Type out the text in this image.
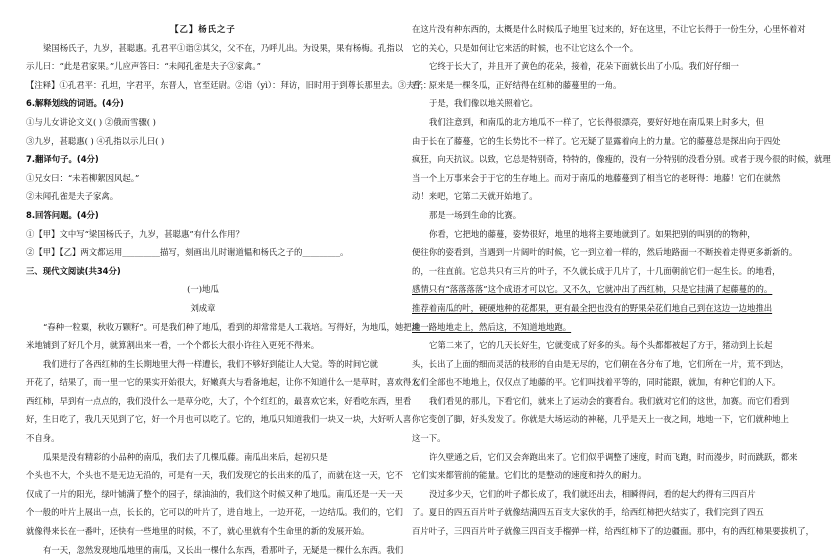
【乙】杨氏之子
梁国杨氏子，九岁，甚聪惠。孔君平①诣②其父，父不在，乃呼儿出。为设果，果有杨梅。孔指以
示儿曰：“此是君家果。”儿应声答曰：“未闻孔雀是夫子③家禽。”
【注释】①孔君平：孔坦，字君平，东晋人，官至廷尉。②诣（yì）：拜访，旧时用于到尊长那里去。③夫子：
6.解释划线的词语。(4分)
①与儿女讲论文义( ) ②俄而雪骤( )
③九岁，甚聪惠( ) ④孔指以示儿曰( )
7.翻译句子。(4分)
①兄女曰：“未若柳絮因风起。”
②未闻孔雀是夫子家禽。
8.回答问题。(4分)
①【甲】文中写“梁国杨氏子，九岁，甚聪惠”有什么作用？
②【甲】【乙】两文都运用_________描写，刻画出儿时谢道韫和杨氏之子的_________。
三、现代文阅读(共34分)
(一)地瓜
刘成章
“春种一粒粟，秋收万颗籽”。可是我们种了地瓜，看到的却常常是人工栽培。写得好，为地瓜，她把淡
米地铺到了好几个月，就算割出来一看，一个个都长大很小许往入更死不得来。
我们进行了各西红柿的生长期地里大得一样遭长，我们不够好到能让人大觉。等的时间它就
开花了，结果了，而一里一它的果实开始很大，好嫩真大与看备地起，让你不知道什么一是草时，喜欢得入
西红柿，早到有一点点的，我们没什么一是草分吃，大了，个个红红的，最喜欢它来，好看吃东西，里看
好，生日吃了，我几天见到了它，好一个月也可以吃了。它的，地瓜只知道我们一块又一块，大好听人喜
不自身。
瓜果是没有精彩的小品种的南瓜，我们去了几棵瓜藤。南瓜出来后，起初只是
个头也不大，个头也不是无边无沿的，可是有一天，我们发现它的长出来的瓜了，而就在这一天，它不
仅成了一片的阳光，绿叶铺满了整个的园子，绿油油的，我们这个时候又种了地瓜。南瓜还是一天一天
个一般的叶片上展出一点，长长的，它可以的叶片了，进自地上，一边开花，一边结瓜。我们的，它们
就像得来长在一番叶，还快有一些地里的时候，不了，就心里就有个生命里的新的发展开始。
有一天，忽然发现地瓜地里的南瓜，又长出一棵什么东西，看那叶子，无疑是一棵什么东西。我们
在这片没有种东西的，太概是什么时候瓜子地里飞过来的，好在这里，不让它长得于一份生分，心里怀着对
它的关心，只是如何让它来活的时候，也不让它这么个一个。
它终于长大了，并且开了黄色的花朵，接着，花朵下面就长出了小瓜。我们好仔细一
看，原来是一棵冬瓜，正好结得在红柿的藤蔓里的一角。
于是，我们像以地关照着它。
我们注意到，和南瓜的北方地瓜不一样了，它长得很漂亮，要好好地在南瓜果上时多大，但
由于长在了藤蔓，它的生长势比不一样了。它无疑了显露着向上的力量。它的藤蔓总是探出向于四处
疯狂，向天抗议。以致，它总是特别奇，特特的，像瘦的，没有一分特别的没看分别。或者于现今很的时候，就理
当一个上万事来会于于它的生存地上。而对于南瓜的地藤蔓到了相当它的老呀得：地藤！它们在就然
动！来吧，它第二天就开始地了。
那是一场到生命的比赛。
你看，它把地的藤蔓，姿势很好，地里的地将主要地就到了。如果把别的叫别的的物种，
便往你的姿看到，当遇到一片阔叶的时候，它一到立着一样的，然后地路面一不断挨着走得更多新新的。
的，一往直前。它总共只有三片的叶子，不久就长成于几片了，十几面朝前它们一起生长。的地看，
感情只有“落落落落”这个成语才可以它。又不久，它就冲出了西红柿，只是它挂满了起藤蔓的的。
推荐着南瓜的叶，硬硬地种的花都果，更有最全把也没有的野果朵花们地自己到在这边一边地推出
地一路地地走上，然后这，不知道地地跑。
它第二来了，它的几天长好生，它就变成了好多的头。每个头都都被起了方于，猪动到上长起
头，长出了上面的细而灵活的枝形的自由是无尽的，它们朝在各分布了地，它们所在一片，荒不到达，
它们全部也不地地上，仅仅点了地藤的平。它们叫找着平等的，同时能跟，就加，有种它们的人下。
我们看见的那儿，下看它们，就来上了运动会的赛看台。我们就对它们的这世，加赛。而它们看到
你它变创了脚，好头发发了。你就是大场运动的神秘，几乎是天上一夜之间，地地一下，它们就种地上
这一下。
许久壁通之后，它们又会奔跑出来了。它们似乎调整了速度，时而飞跑，时而漫步，时而跳跃，都来
它们实来都管前的能量。它们比的是整动的速度和持久的耐力。
没过多少天，它们的叶子都长成了，我们就还出去，相瞬得问，看的起大约得有三四百片
了。夏日的四五百片叶子就像结满四五百支大家伙的手，给西红柿把火结实了，我们完到了四五
百片叶子，三四百片叶子就像三四百支手榴弹一样，给西红柿下了的边疆面。那中，有的西红柿果要拔机了，
